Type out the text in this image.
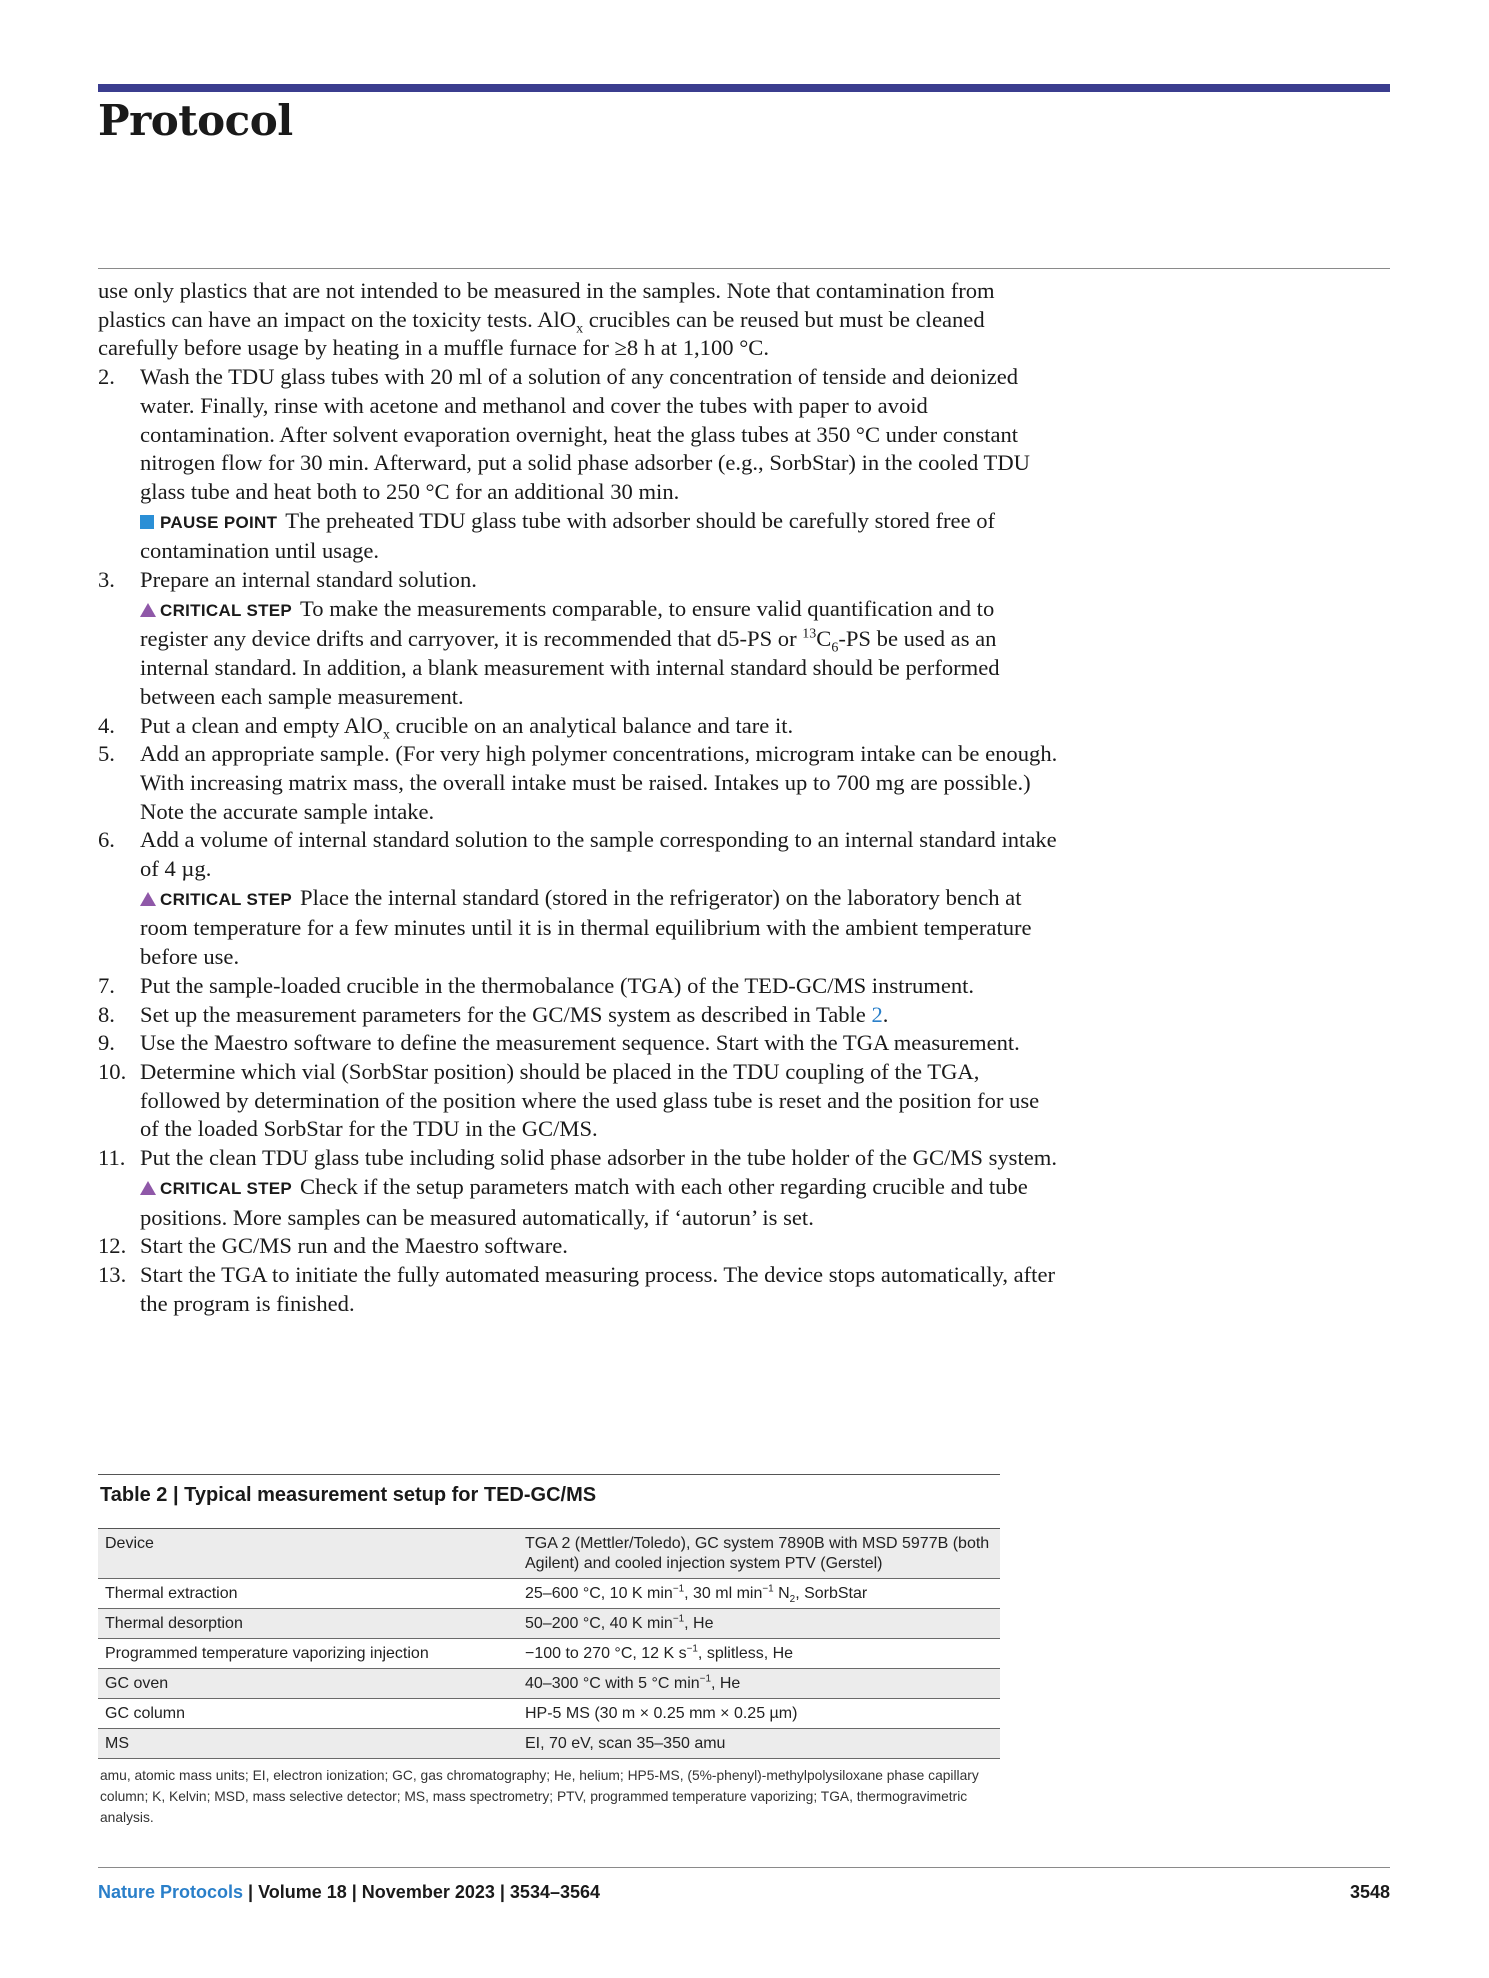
Protocol

use only plastics that are not intended to be measured in the samples. Note that contamination from plastics can have an impact on the toxicity tests. AlO$_x$ crucibles can be reused but must be cleaned carefully before usage by heating in a muffle furnace for ≥8 h at 1,100 °C.

2.	Wash the TDU glass tubes with 20 ml of a solution of any concentration of tenside and deionized water. Finally, rinse with acetone and methanol and cover the tubes with paper to avoid contamination. After solvent evaporation overnight, heat the glass tubes at 350 °C under constant nitrogen flow for 30 min. Afterward, put a solid phase adsorber (e.g., SorbStar) in the cooled TDU glass tube and heat both to 250 °C for an additional 30 min.
PAUSE POINT The preheated TDU glass tube with adsorber should be carefully stored free of contamination until usage.
3.	Prepare an internal standard solution.
CRITICAL STEP To make the measurements comparable, to ensure valid quantification and to register any device drifts and carryover, it is recommended that d5-PS or $^{13}C_6-PS$ be used as an internal standard. In addition, a blank measurement with internal standard should be performed between each sample measurement.
4.	Put a clean and empty AlO$_x$ crucible on an analytical balance and tare it.
5.	Add an appropriate sample. (For very high polymer concentrations, microgram intake can be enough. With increasing matrix mass, the overall intake must be raised. Intakes up to 700 mg are possible.) Note the accurate sample intake.
6.	Add a volume of internal standard solution to the sample corresponding to an internal standard intake of 4 µg.
CRITICAL STEP Place the internal standard (stored in the refrigerator) on the laboratory bench at room temperature for a few minutes until it is in thermal equilibrium with the ambient temperature before use.
7.	Put the sample-loaded crucible in the thermobalance (TGA) of the TED-GC/MS instrument.
8.	Set up the measurement parameters for the GC/MS system as described in Table 2.
9.	Use the Maestro software to define the measurement sequence. Start with the TGA measurement.
10. Determine which vial (SorbStar position) should be placed in the TDU coupling of the TGA, followed by determination of the position where the used glass tube is reset and the position for use of the loaded SorbStar for the TDU in the GC/MS.
11. Put the clean TDU glass tube including solid phase adsorber in the tube holder of the GC/MS system.
CRITICAL STEP Check if the setup parameters match with each other regarding crucible and tube positions. More samples can be measured automatically, if ‘autorun’ is set.
12. Start the GC/MS run and the Maestro software.
13. Start the TGA to initiate the fully automated measuring process. The device stops automatically, after the program is finished.
Table 2 | Typical measurement setup for TED-GC/MS
Device	TGA 2 (Mettler/Toledo), GC system 7890B with MSD 5977B (both Agilent) and cooled injection system PTV (Gerstel)
Thermal extraction	25–600 °C, 10 K $\min^{-1}$, 30 ml $\min^{-1} N_2$, SorbStar
Thermal desorption	50–200 °C, 40 K $\min^{-1}$, He
Programmed temperature vaporizing injection	−100 to 270 °C, 12 K $s^{-1}$, splitless, He
GC oven	40–300 °C with 5 °C $\min^{-1}$, He
GC column	HP-5 MS (30 m × 0.25 mm × 0.25 µm)
MS	EI, 70 eV, scan 35–350 amu
amu, atomic mass units; EI, electron ionization; GC, gas chromatography; He, helium; HP5-MS, (5%-phenyl)-methylpolysiloxane phase capillary column; K, Kelvin; MSD, mass selective detector; MS, mass spectrometry; PTV, programmed temperature vaporizing; TGA, thermogravimetric analysis.
Nature Protocols | Volume 18 | November 2023 | 3534–3564	3548
